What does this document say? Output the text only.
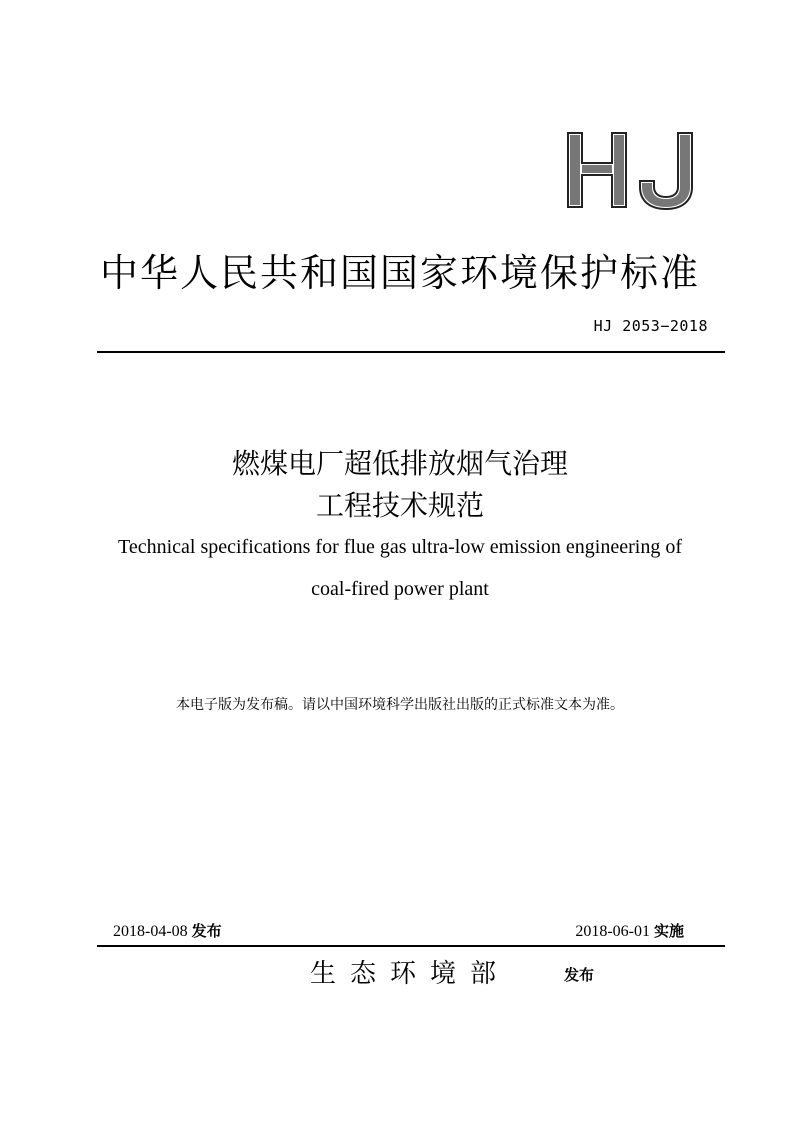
中华人民共和国国家环境保护标准
HJ 2053−2018
燃煤电厂超低排放烟气治理
工程技术规范
Technical specifications for flue gas ultra-low emission engineering of
coal-fired power plant
本电子版为发布稿。请以中国环境科学出版社出版的正式标准文本为准。
2018-04-08 发布	2018-06-01 实施
生态环境部	发布
